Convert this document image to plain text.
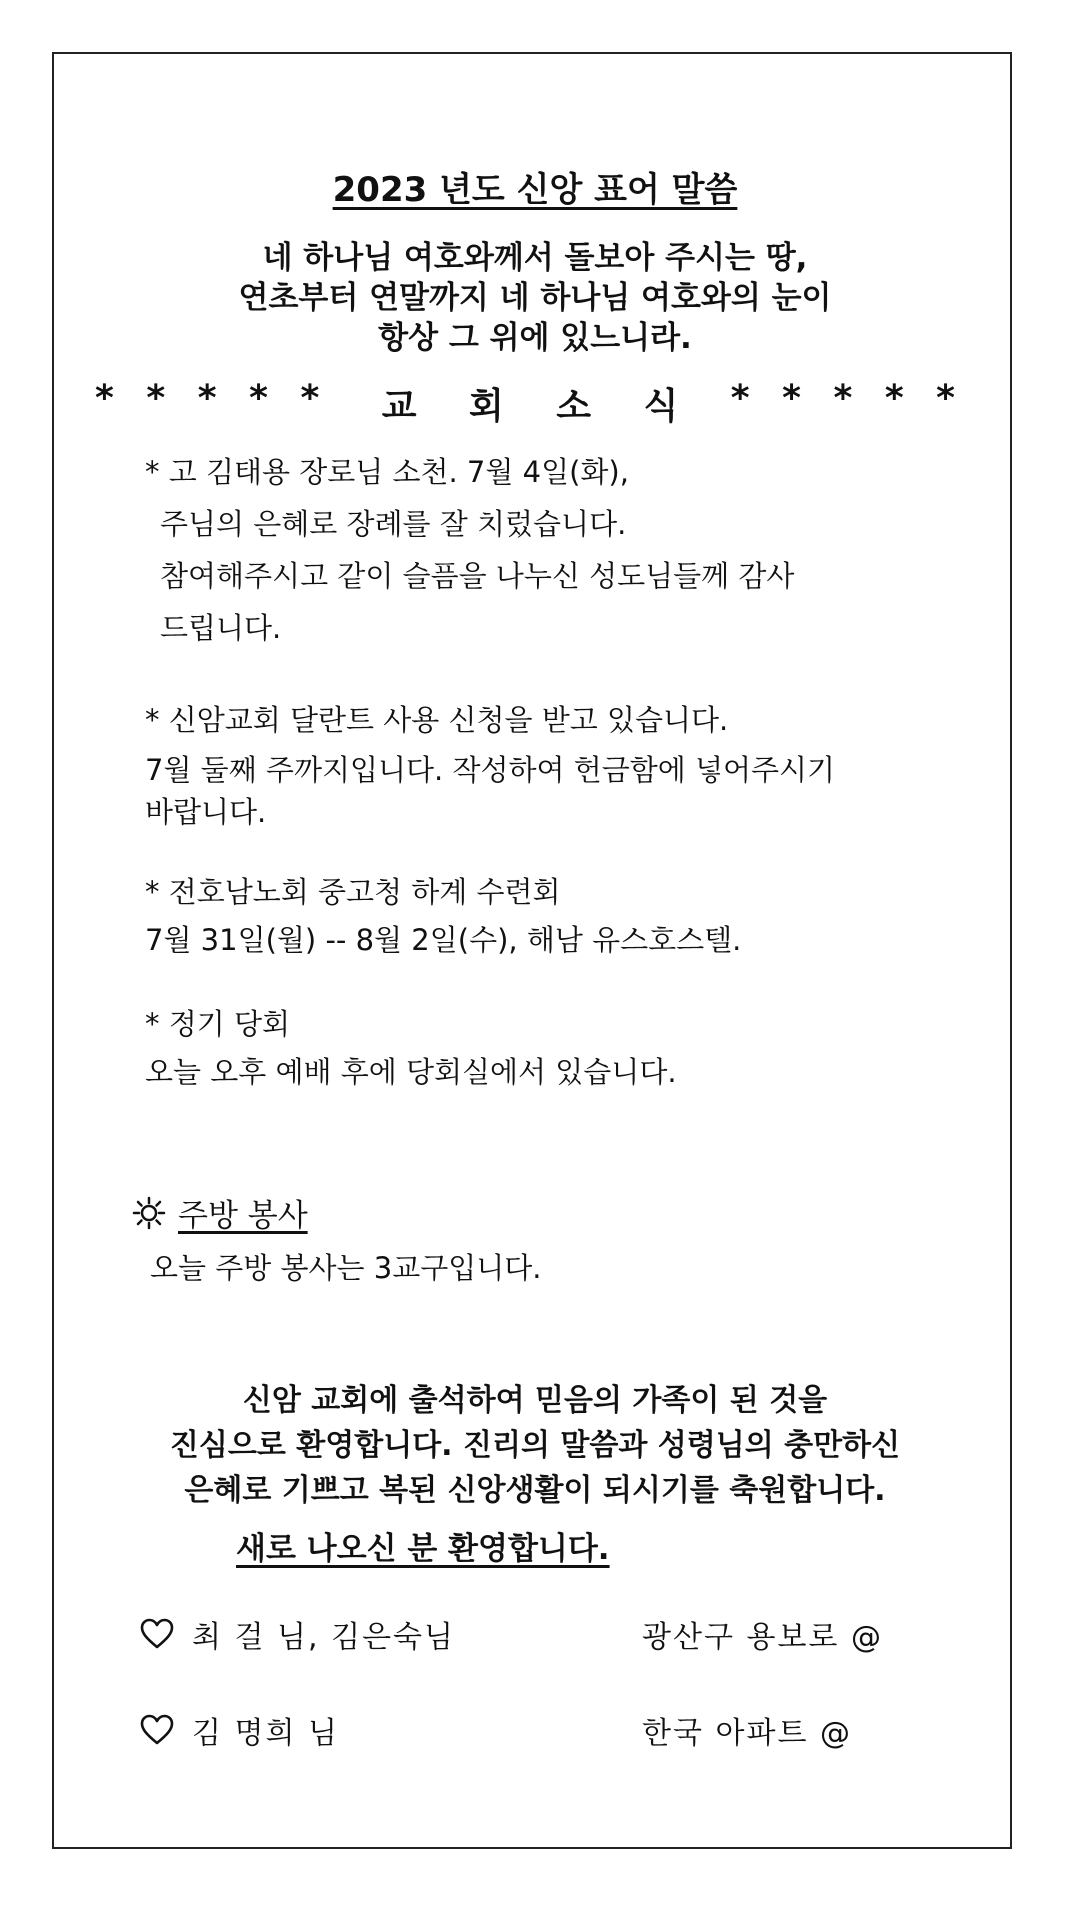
2023 년도 신앙 표어 말씀
네 하나님 여호와께서 돌보아 주시는 땅,
연초부터 연말까지 네 하나님 여호와의 눈이
항상 그 위에 있느니라.
* * * * * 교 회 소 식 * * * * *
* 고 김태용 장로님 소천. 7월 4일(화),
주님의 은혜로 장례를 잘 치렀습니다.
참여해주시고 같이 슬픔을 나누신 성도님들께 감사
드립니다.
* 신암교회 달란트 사용 신청을 받고 있습니다.
7월 둘째 주까지입니다. 작성하여 헌금함에 넣어주시기
바랍니다.
* 전호남노회 중고청 하계 수련회
7월 31일(월) -- 8월 2일(수), 해남 유스호스텔.
* 정기 당회
오늘 오후 예배 후에 당회실에서 있습니다.
주방 봉사
오늘 주방 봉사는 3교구입니다.
신암 교회에 출석하여 믿음의 가족이 된 것을
진심으로 환영합니다. 진리의 말씀과 성령님의 충만하신
은혜로 기쁘고 복된 신앙생활이 되시기를 축원합니다.
새로 나오신 분 환영합니다.
최 걸 님, 김은숙님	광산구 용보로 @
김 명희 님	한국 아파트 @
